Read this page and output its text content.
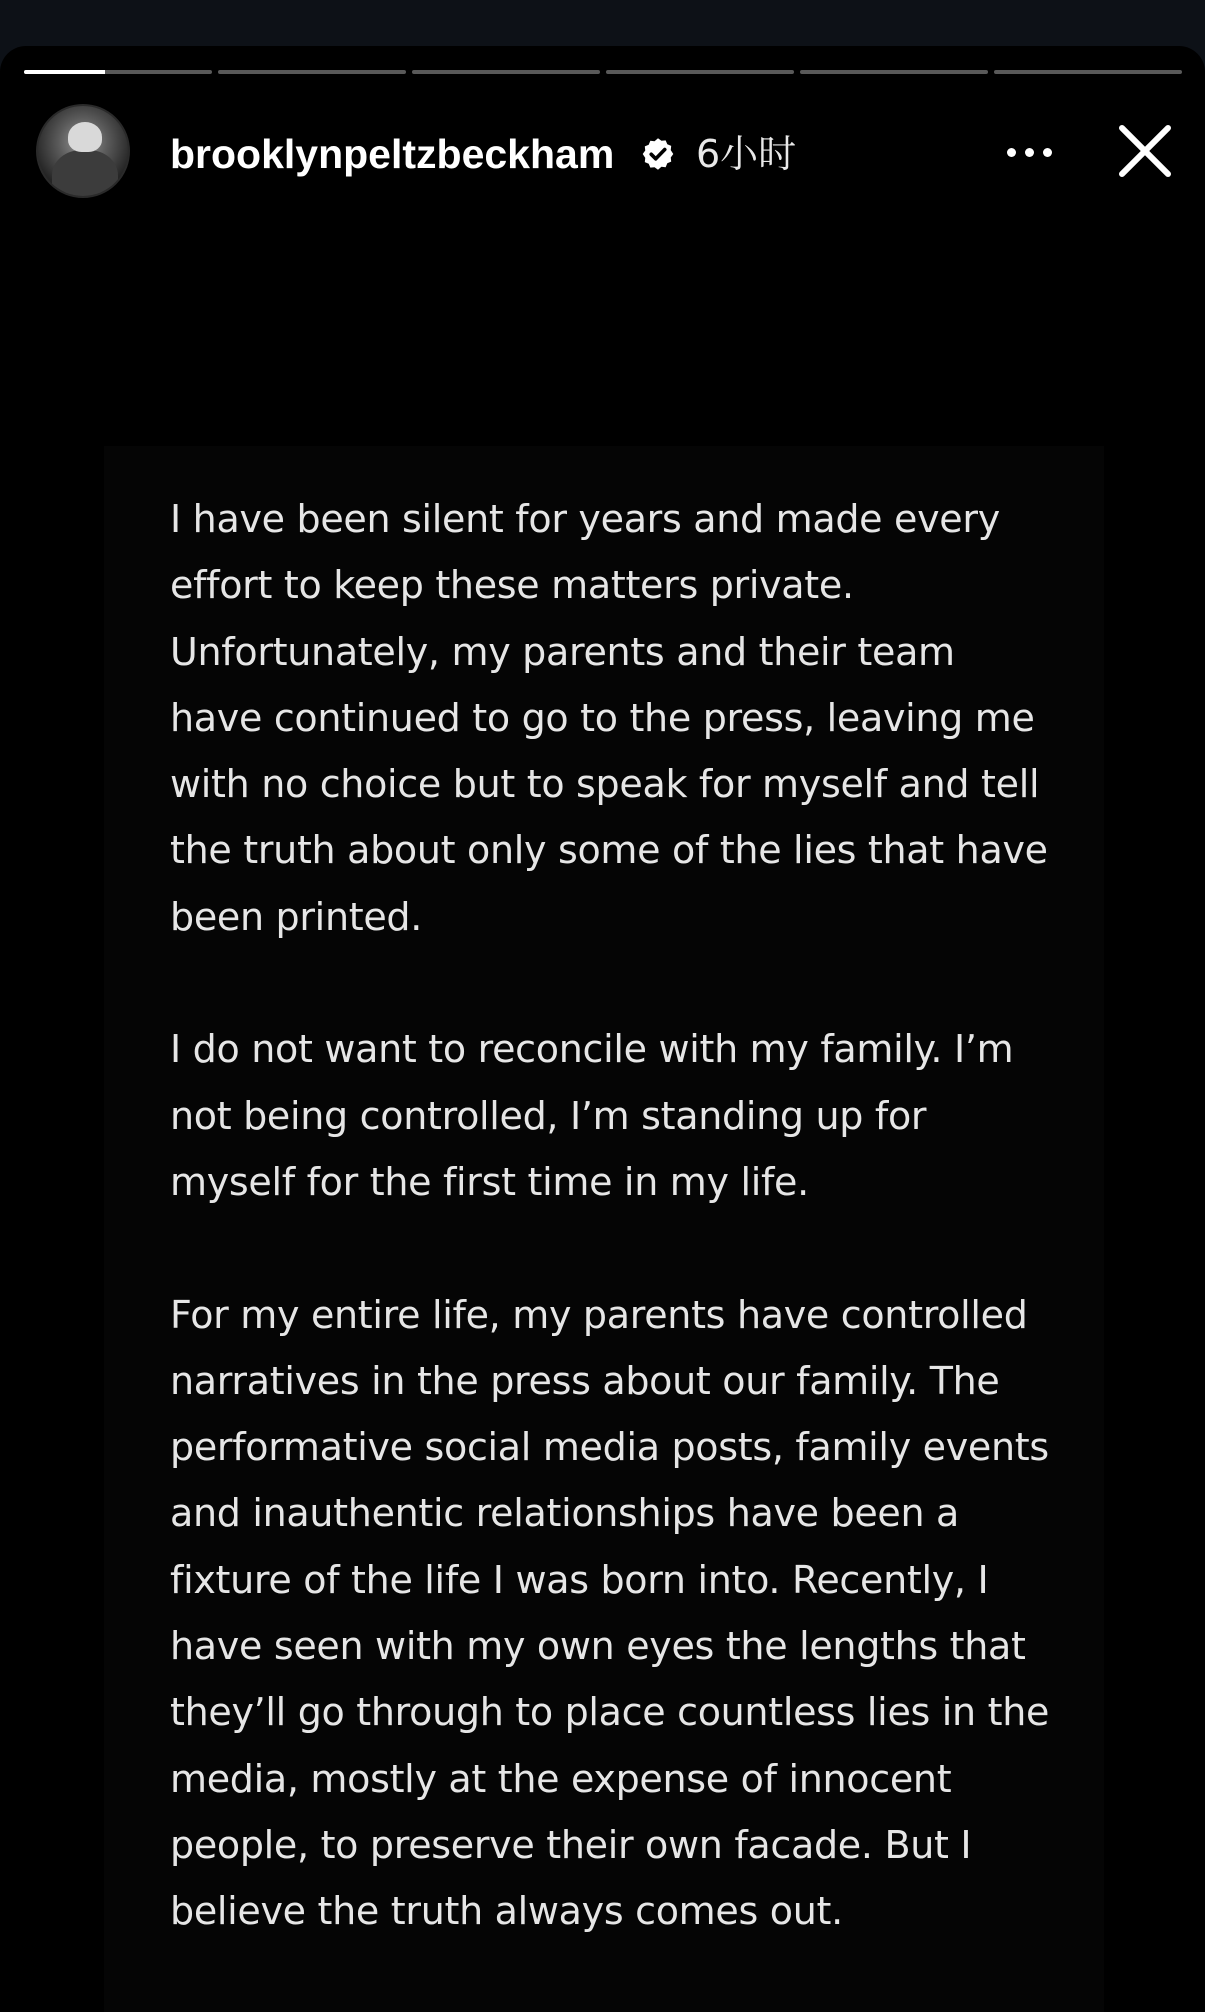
brooklynpeltzbeckham 6小时

I have been silent for years and made every effort to keep these matters private. Unfortunately, my parents and their team have continued to go to the press, leaving me with no choice but to speak for myself and tell the truth about only some of the lies that have been printed.

I do not want to reconcile with my family. I’m not being controlled, I’m standing up for myself for the first time in my life.

For my entire life, my parents have controlled narratives in the press about our family. The performative social media posts, family events and inauthentic relationships have been a fixture of the life I was born into. Recently, I have seen with my own eyes the lengths that they’ll go through to place countless lies in the media, mostly at the expense of innocent people, to preserve their own facade. But I believe the truth always comes out.
